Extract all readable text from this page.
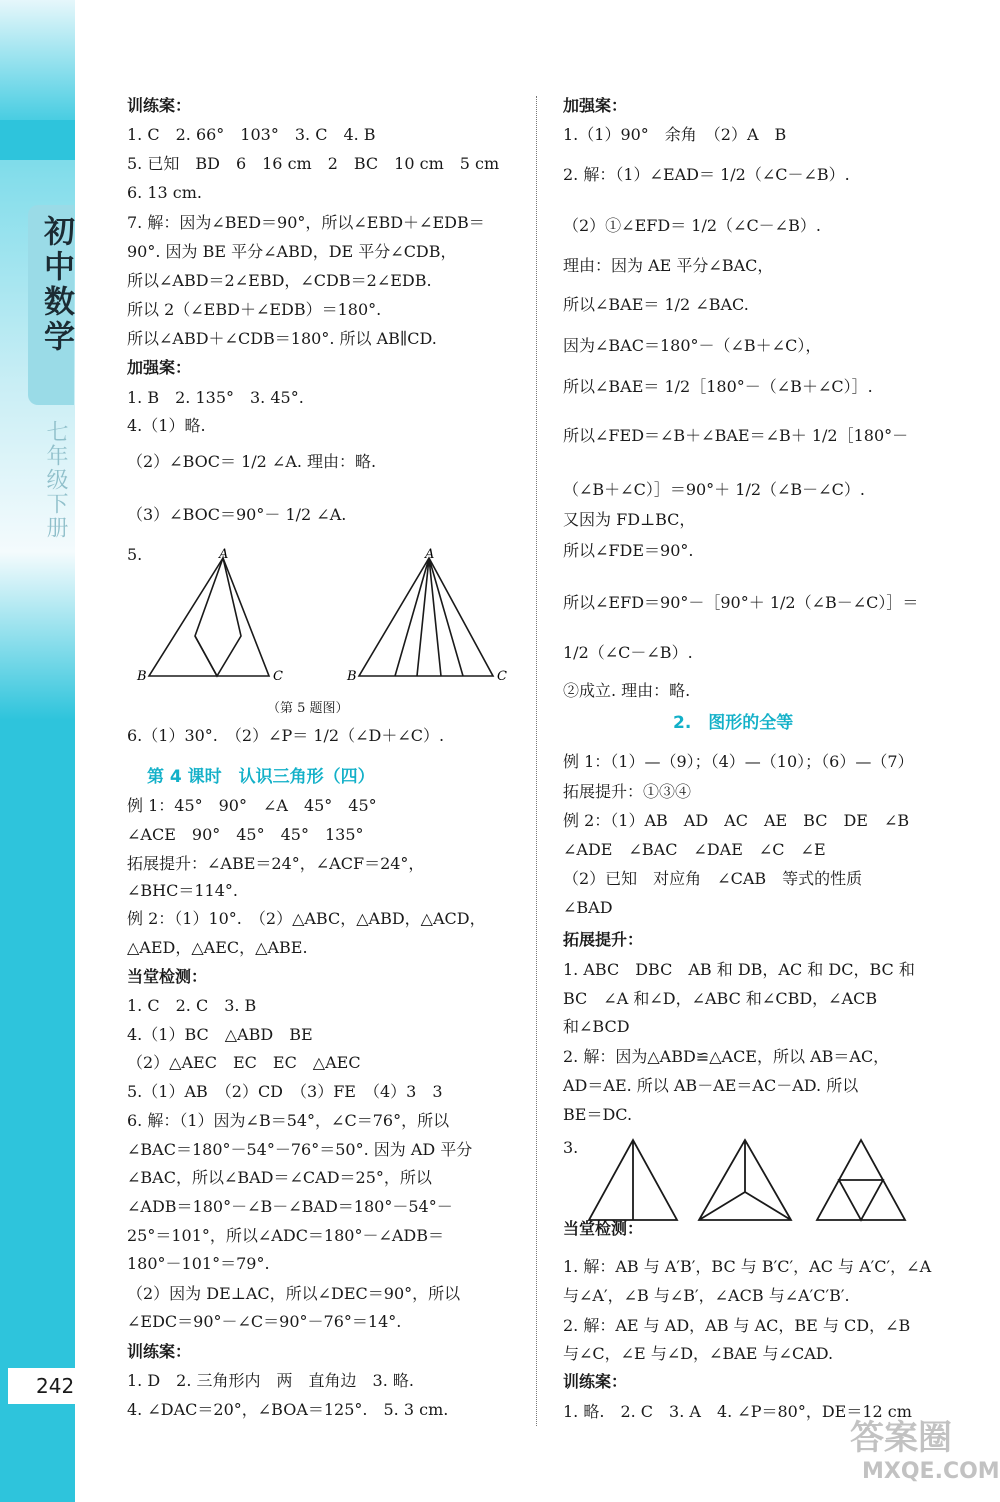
初中数学
七年级下册
242
A
B	C
A
B	C
训练案：
1. C　2. 66°　103°　3. C　4. B
5. 已知　BD　6　16 cm　2　BC　10 cm　5 cm
6. 13 cm.
7. 解：因为∠BED＝90°，所以∠EBD＋∠EDB＝
90°. 因为 BE 平分∠ABD，DE 平分∠CDB，
所以∠ABD＝2∠EBD，∠CDB＝2∠EDB.
所以 2（∠EBD＋∠EDB）＝180°.
所以∠ABD＋∠CDB＝180°. 所以 AB∥CD.
加强案：
1. B　2. 135°　3. 45°.
4.（1）略.
（2）∠BOC＝ 1/2 ∠A. 理由：略.
（3）∠BOC＝90°－ 1/2 ∠A.
5.
（第 5 题图）
6.（1）30°.　（2）∠P＝ 1/2（∠D＋∠C）.
第 4 课时　认识三角形（四）
例 1：45°　90°　∠A　45°　45°
∠ACE　90°　45°　45°　135°
拓展提升：∠ABE＝24°，∠ACF＝24°，
∠BHC＝114°.
例 2：（1）10°.　（2）△ABC，△ABD，△ACD，
△AED，△AEC，△ABE.
当堂检测：
1. C　2. C　3. B
4.（1）BC　△ABD　BE
（2）△AEC　EC　EC　△AEC
5.（1）AB　（2）CD　（3）FE　（4）3　3
6. 解：（1）因为∠B＝54°，∠C＝76°，所以
∠BAC＝180°－54°－76°＝50°. 因为 AD 平分
∠BAC，所以∠BAD＝∠CAD＝25°，所以
∠ADB＝180°－∠B－∠BAD＝180°－54°－
25°＝101°，所以∠ADC＝180°－∠ADB＝
180°－101°＝79°.
（2）因为 DE⊥AC，所以∠DEC＝90°，所以
∠EDC＝90°－∠C＝90°－76°＝14°.
训练案：
1. D　2. 三角形内　两　直角边　3. 略.
4. ∠DAC＝20°，∠BOA＝125°.　5. 3 cm.
加强案：
1.（1）90°　余角　（2）A　B
2. 解：（1）∠EAD＝ 1/2（∠C－∠B）.
（2）①∠EFD＝ 1/2（∠C－∠B）.
理由：因为 AE 平分∠BAC，
所以∠BAE＝ 1/2 ∠BAC.
因为∠BAC＝180°－（∠B＋∠C），
所以∠BAE＝ 1/2［180°－（∠B＋∠C）］.
所以∠FED＝∠B＋∠BAE＝∠B＋ 1/2［180°－
（∠B＋∠C）］＝90°＋ 1/2（∠B－∠C）.
又因为 FD⊥BC，
所以∠FDE＝90°.
所以∠EFD＝90°－［90°＋ 1/2（∠B－∠C）］＝
1/2（∠C－∠B）.
②成立. 理由：略.
2.　图形的全等
例 1：（1）—（9）；（4）—（10）；（6）—（7）
拓展提升：①③④
例 2：（1）AB　AD　AC　AE　BC　DE　∠B
∠ADE　∠BAC　∠DAE　∠C　∠E
（2）已知　对应角　∠CAB　等式的性质
∠BAD
拓展提升：
1. ABC　DBC　AB 和 DB，AC 和 DC，BC 和
BC　∠A 和∠D，∠ABC 和∠CBD，∠ACB
和∠BCD
2. 解：因为△ABD≌△ACE，所以 AB＝AC，
AD＝AE. 所以 AB－AE＝AC－AD. 所以
BE＝DC.
3.
当堂检测：
1. 解：AB 与 A′B′，BC 与 B′C′，AC 与 A′C′，∠A
与∠A′，∠B 与∠B′，∠ACB 与∠A′C′B′.
2. 解：AE 与 AD，AB 与 AC，BE 与 CD，∠B
与∠C，∠E 与∠D，∠BAE 与∠CAD.
训练案：
1. 略.　2. C　3. A　4. ∠P＝80°，DE＝12 cm
答案圈
MXQE.COM
